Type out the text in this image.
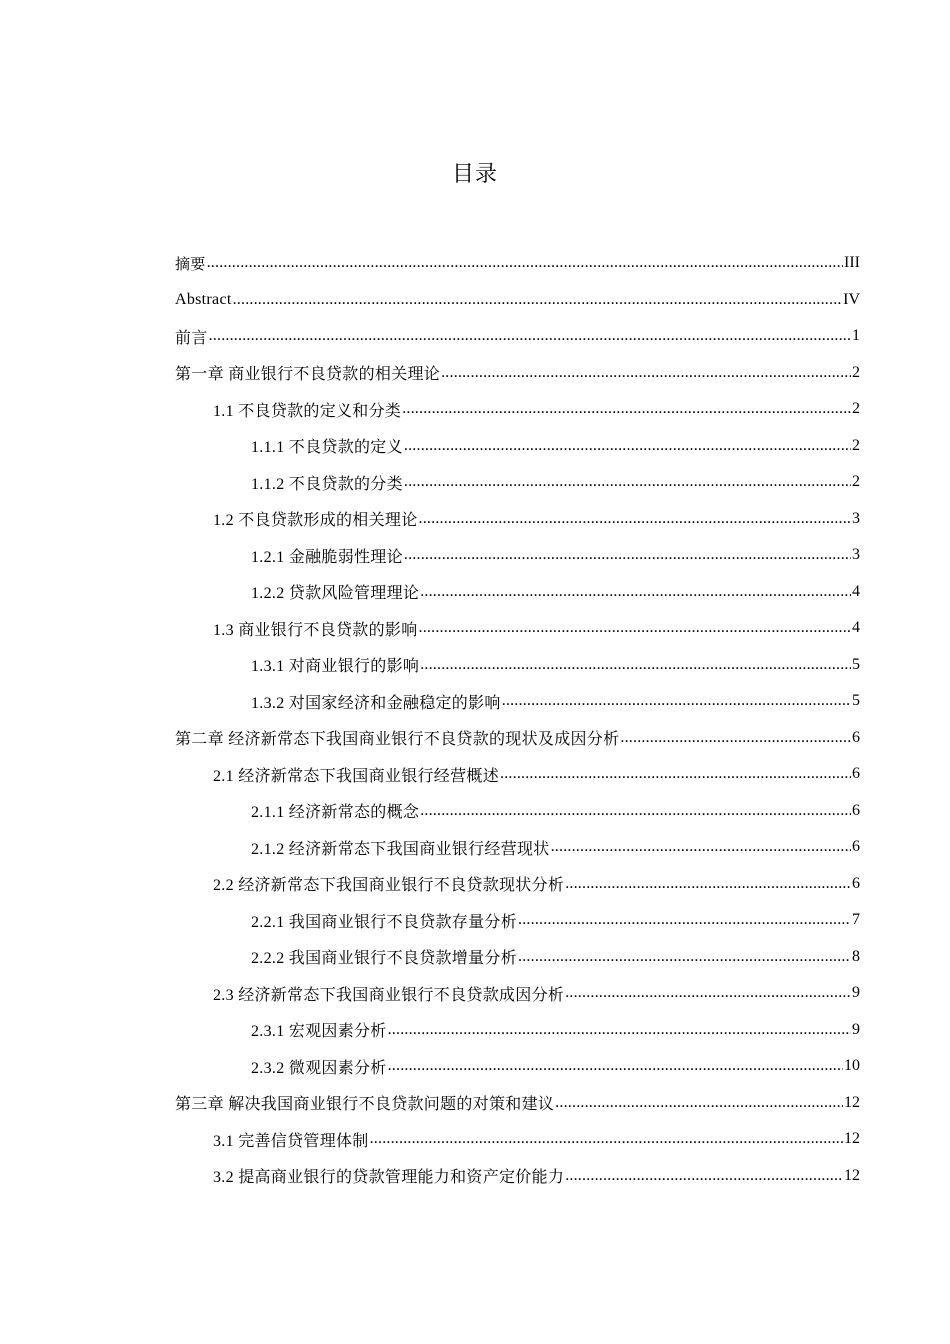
目录
摘要 .....	III
Abstract .....	IV
前言 .....	1
第一章 商业银行不良贷款的相关理论 .....	2
1.1 不良贷款的定义和分类 .....	2
1.1.1 不良贷款的定义 .....	2
1.1.2 不良贷款的分类 .....	2
1.2 不良贷款形成的相关理论 .....	3
1.2.1 金融脆弱性理论 .....	3
1.2.2 贷款风险管理理论 .....	4
1.3 商业银行不良贷款的影响 .....	4
1.3.1 对商业银行的影响 .....	5
1.3.2 对国家经济和金融稳定的影响 .....	5
第二章 经济新常态下我国商业银行不良贷款的现状及成因分析 .....	6
2.1 经济新常态下我国商业银行经营概述 .....	6
2.1.1 经济新常态的概念 .....	6
2.1.2 经济新常态下我国商业银行经营现状 .....	6
2.2 经济新常态下我国商业银行不良贷款现状分析 .....	6
2.2.1 我国商业银行不良贷款存量分析 .....	7
2.2.2 我国商业银行不良贷款增量分析 .....	8
2.3 经济新常态下我国商业银行不良贷款成因分析 .....	9
2.3.1 宏观因素分析 .....	9
2.3.2 微观因素分析 .....	10
第三章 解决我国商业银行不良贷款问题的对策和建议 .....	12
3.1 完善信贷管理体制 .....	12
3.2 提高商业银行的贷款管理能力和资产定价能力 .....	12
